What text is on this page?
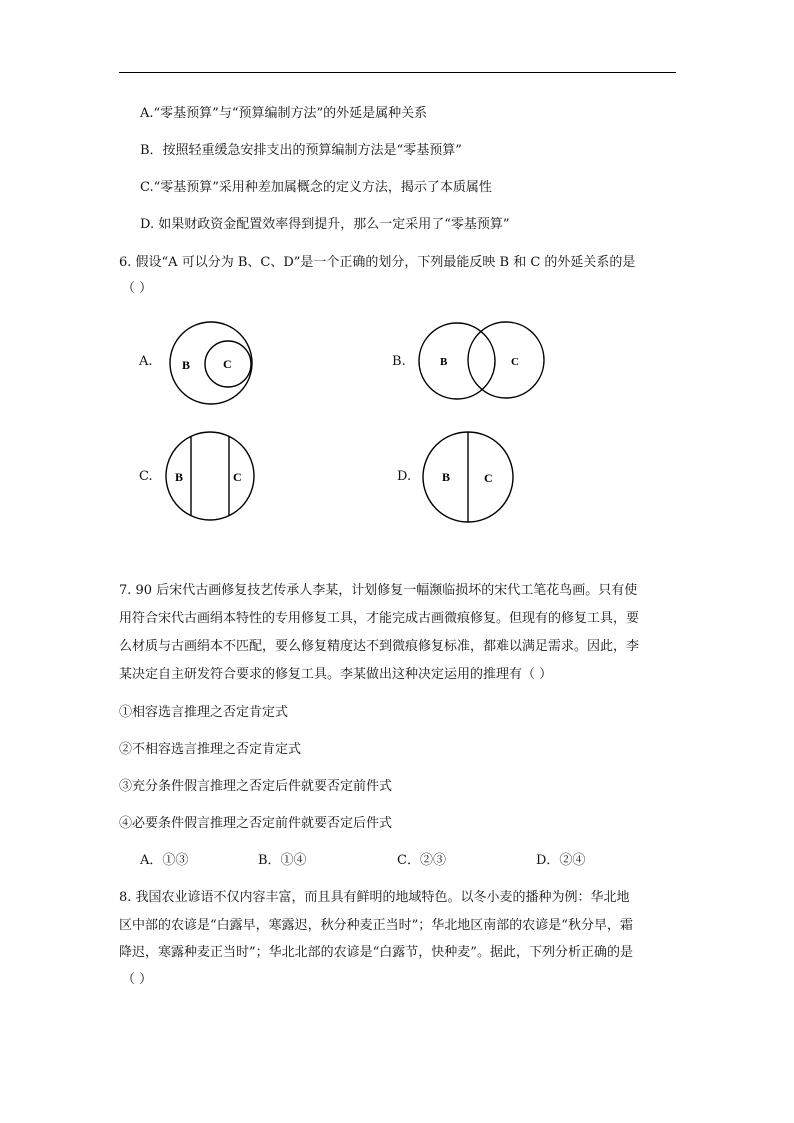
A.“零基预算”与“预算编制方法”的外延是属种关系
B．按照轻重缓急安排支出的预算编制方法是“零基预算”
C.“零基预算”采用种差加属概念的定义方法，揭示了本质属性
D. 如果财政资金配置效率得到提升，那么一定采用了“零基预算”
6. 假设“A 可以分为 B、C、D”是一个正确的划分，下列最能反映 B 和 C 的外延关系的是
（ ）
A.	B.
C.	D.
B	C	B	C
B	C	B	C
7. 90 后宋代古画修复技艺传承人李某，计划修复一幅濒临损坏的宋代工笔花鸟画。只有使
用符合宋代古画绢本特性的专用修复工具，才能完成古画微痕修复。但现有的修复工具，要
么材质与古画绢本不匹配，要么修复精度达不到微痕修复标准，都难以满足需求。因此，李
某决定自主研发符合要求的修复工具。李某做出这种决定运用的推理有（ ）
①相容选言推理之否定肯定式
②不相容选言推理之否定肯定式
③充分条件假言推理之否定后件就要否定前件式
④必要条件假言推理之否定前件就要否定后件式
A．①③	B．①④	C．②③	D．②④
8. 我国农业谚语不仅内容丰富，而且具有鲜明的地域特色。以冬小麦的播种为例：华北地
区中部的农谚是“白露早，寒露迟，秋分种麦正当时”；华北地区南部的农谚是“秋分早，霜
降迟，寒露种麦正当时”；华北北部的农谚是“白露节，快种麦”。据此，下列分析正确的是
（ ）
